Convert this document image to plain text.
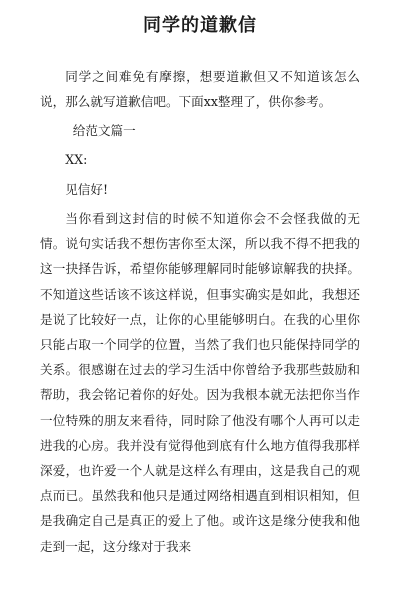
同学的道歉信

同学之间难免有摩擦，想要道歉但又不知道该怎么说，那么就写道歉信吧。下面xx整理了，供你参考。

给范文篇一

XX:

见信好!

当你看到这封信的时候不知道你会不会怪我做的无情。说句实话我不想伤害你至太深，所以我不得不把我的这一抉择告诉，希望你能够理解同时能够谅解我的抉择。 不知道这些话该不该这样说，但事实确实是如此，我想还是说了比较好一点，让你的心里能够明白。在我的心里你只能占取一个同学的位置，当然了我们也只能保持同学的关系。很感谢在过去的学习生活中你曾给予我那些鼓励和帮助，我会铭记着你的好处。因为我根本就无法把你当作一位特殊的朋友来看待，同时除了他没有哪个人再可以走进我的心房。我并没有觉得他到底有什么地方值得我那样深爱，也许爱一个人就是这样么有理由，这是我自己的观点而已。虽然我和他只是通过网络相遇直到相识相知，但是我确定自己是真正的爱上了他。或许这是缘分使我和他走到一起，这分缘对于我来
